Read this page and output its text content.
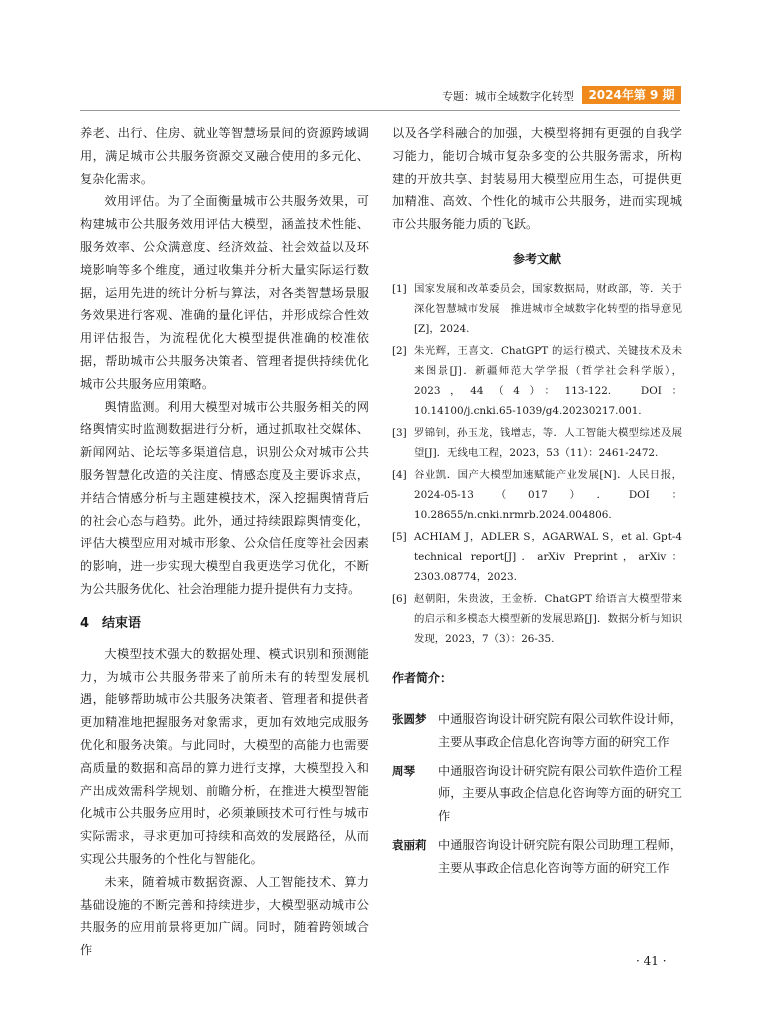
专题：城市全域数字化转型	2024年第 9 期

养老、出行、住房、就业等智慧场景间的资源跨域调用，满足城市公共服务资源交叉融合使用的多元化、复杂化需求。

效用评估。为了全面衡量城市公共服务效果，可构建城市公共服务效用评估大模型，涵盖技术性能、服务效率、公众满意度、经济效益、社会效益以及环境影响等多个维度，通过收集并分析大量实际运行数据，运用先进的统计分析与算法，对各类智慧场景服务效果进行客观、准确的量化评估，并形成综合性效用评估报告，为流程优化大模型提供准确的校准依据，帮助城市公共服务决策者、管理者提供持续优化城市公共服务应用策略。

舆情监测。利用大模型对城市公共服务相关的网络舆情实时监测数据进行分析，通过抓取社交媒体、新闻网站、论坛等多渠道信息，识别公众对城市公共服务智慧化改造的关注度、情感态度及主要诉求点，并结合情感分析与主题建模技术，深入挖掘舆情背后的社会心态与趋势。此外，通过持续跟踪舆情变化，评估大模型应用对城市形象、公众信任度等社会因素的影响，进一步实现大模型自我更迭学习优化，不断为公共服务优化、社会治理能力提升提供有力支持。

4　结束语

大模型技术强大的数据处理、模式识别和预测能力，为城市公共服务带来了前所未有的转型发展机遇，能够帮助城市公共服务决策者、管理者和提供者更加精准地把握服务对象需求，更加有效地完成服务优化和服务决策。与此同时，大模型的高能力也需要高质量的数据和高昂的算力进行支撑，大模型投入和产出成效需科学规划、前瞻分析，在推进大模型智能化城市公共服务应用时，必须兼顾技术可行性与城市实际需求，寻求更加可持续和高效的发展路径，从而实现公共服务的个性化与智能化。

未来，随着城市数据资源、人工智能技术、算力基础设施的不断完善和持续进步，大模型驱动城市公共服务的应用前景将更加广阔。同时，随着跨领域合作

以及各学科融合的加强，大模型将拥有更强的自我学习能力，能切合城市复杂多变的公共服务需求，所构建的开放共享、封装易用大模型应用生态，可提供更加精准、高效、个性化的城市公共服务，进而实现城市公共服务能力质的飞跃。

参考文献
[1] 国家发展和改革委员会，国家数据局，财政部，等．关于深化智慧城市发展　推进城市全域数字化转型的指导意见[Z]，2024.
[2] 朱光辉，王喜文．ChatGPT 的运行模式、关键技术及未来图景[J]．新疆师范大学学报（哲学社会科学版），2023，44（4）：113-122.　DOI：10.14100/j.cnki.65-1039/g4.20230217.001.
[3] 罗锦钊，孙玉龙，钱增志，等．人工智能大模型综述及展望[J]．无线电工程，2023，53（11）：2461-2472.
[4] 谷业凯．国产大模型加速赋能产业发展[N]．人民日报，2024-05-13（017）．DOI：10.28655/n.cnki.nrmrb.2024.004806.
[5] ACHIAM J，ADLER S，AGARWAL S，et al. Gpt-4 technical report[J]．arXiv Preprint，arXiv：2303.08774，2023.
[6] 赵朝阳，朱贵波，王金桥．ChatGPT 给语言大模型带来的启示和多模态大模型新的发展思路[J]．数据分析与知识发现，2023，7（3）：26-35.
作者简介：
张圆梦 中通服咨询设计研究院有限公司软件设计师，主要从事政企信息化咨询等方面的研究工作
周琴	中通服咨询设计研究院有限公司软件造价工程师，主要从事政企信息化咨询等方面的研究工作
袁丽莉 中通服咨询设计研究院有限公司助理工程师，主要从事政企信息化咨询等方面的研究工作
· 41 ·
